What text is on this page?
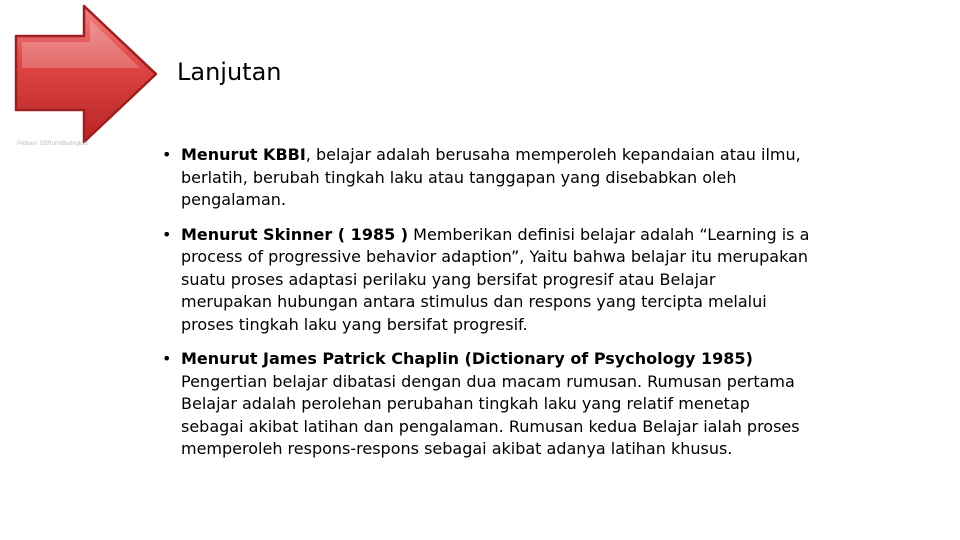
Pelbaer SBRuhnBudngkus
Lanjutan
• Menurut KBBI, belajar adalah berusaha memperoleh kepandaian atau ilmu, berlatih, berubah tingkah laku atau tanggapan yang disebabkan oleh pengalaman.
• Menurut Skinner ( 1985 ) Memberikan definisi belajar adalah “Learning is a process of progressive behavior adaption”, Yaitu bahwa belajar itu merupakan suatu proses adaptasi perilaku yang bersifat progresif atau Belajar merupakan hubungan antara stimulus dan respons yang tercipta melalui proses tingkah laku yang bersifat progresif.
• Menurut James Patrick Chaplin (Dictionary of Psychology 1985) Pengertian belajar dibatasi dengan dua macam rumusan. Rumusan pertama Belajar adalah perolehan perubahan tingkah laku yang relatif menetap sebagai akibat latihan dan pengalaman. Rumusan kedua Belajar ialah proses memperoleh respons-respons sebagai akibat adanya latihan khusus.
